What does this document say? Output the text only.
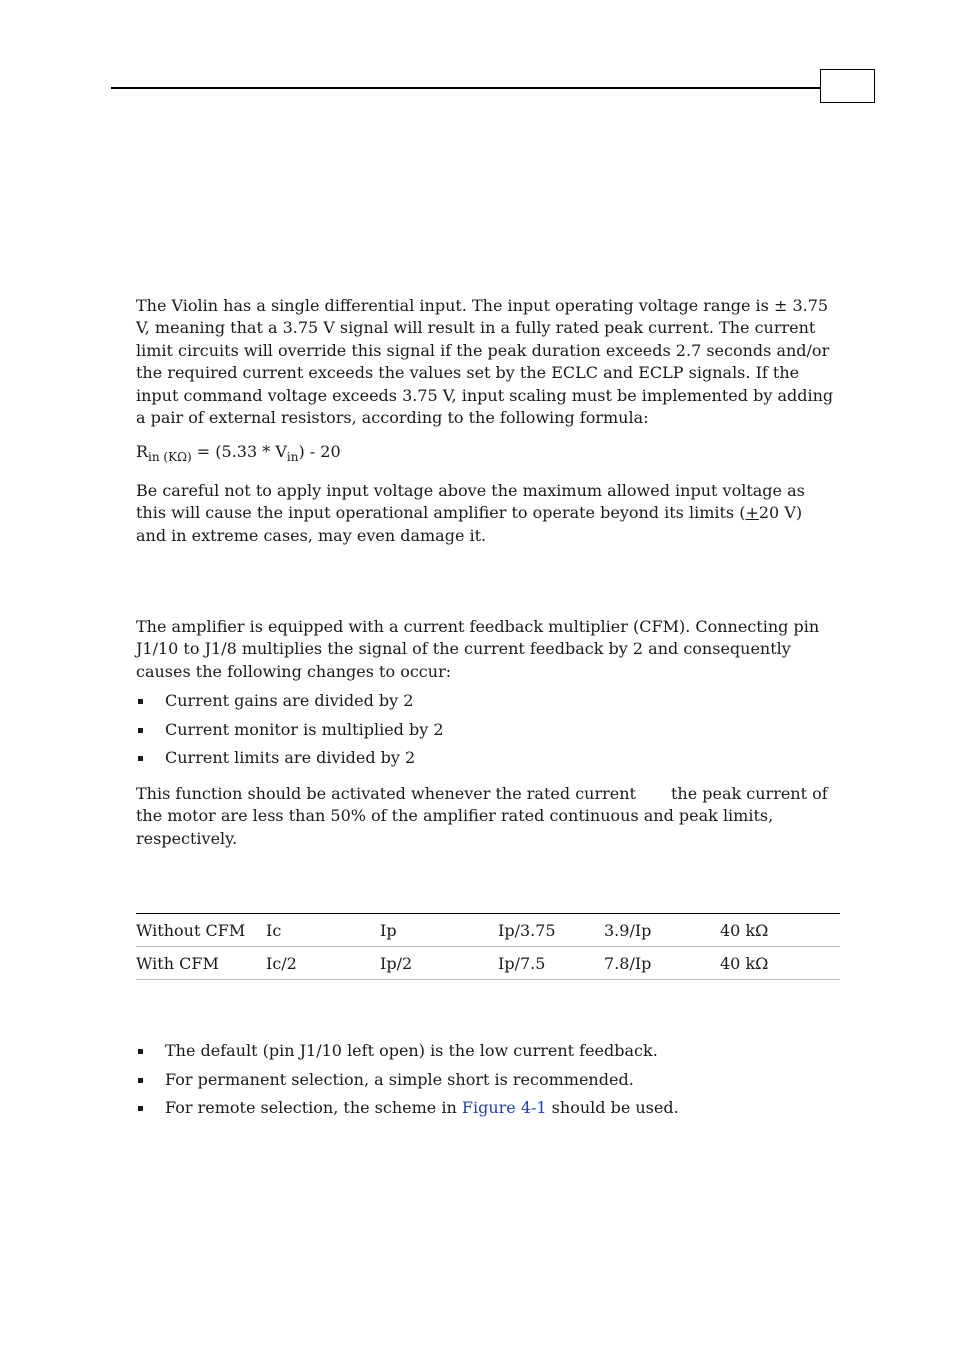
The Violin has a single differential input. The input operating voltage range is ± 3.75 V, meaning that a 3.75 V signal will result in a fully rated peak current. The current limit circuits will override this signal if the peak duration exceeds 2.7 seconds and/or the required current exceeds the values set by the ECLC and ECLP signals. If the input command voltage exceeds 3.75 V, input scaling must be implemented by adding a pair of external resistors, according to the following formula:

$R_{in (K\Omega)} = (5.33 * V_{in}) - 20$

Be careful not to apply input voltage above the maximum allowed input voltage as this will cause the input operational amplifier to operate beyond its limits (+20 V) and in extreme cases, may even damage it.

The amplifier is equipped with a current feedback multiplier (CFM). Connecting pin J1/10 to J1/8 multiplies the signal of the current feedback by 2 and consequently causes the following changes to occur:

Current gains are divided by 2
Current monitor is multiplied by 2
Current limits are divided by 2

This function should be activated whenever the rated current the peak current of the motor are less than 50% of the amplifier rated continuous and peak limits, respectively.

Without CFM	Ic	Ip	Ip/3.75	3.9/Ip	40 kΩ
With CFM	Ic/2	Ip/2	Ip/7.5	7.8/Ip	40 kΩ
The default (pin J1/10 left open) is the low current feedback.
For permanent selection, a simple short is recommended.
For remote selection, the scheme in Figure 4-1 should be used.
